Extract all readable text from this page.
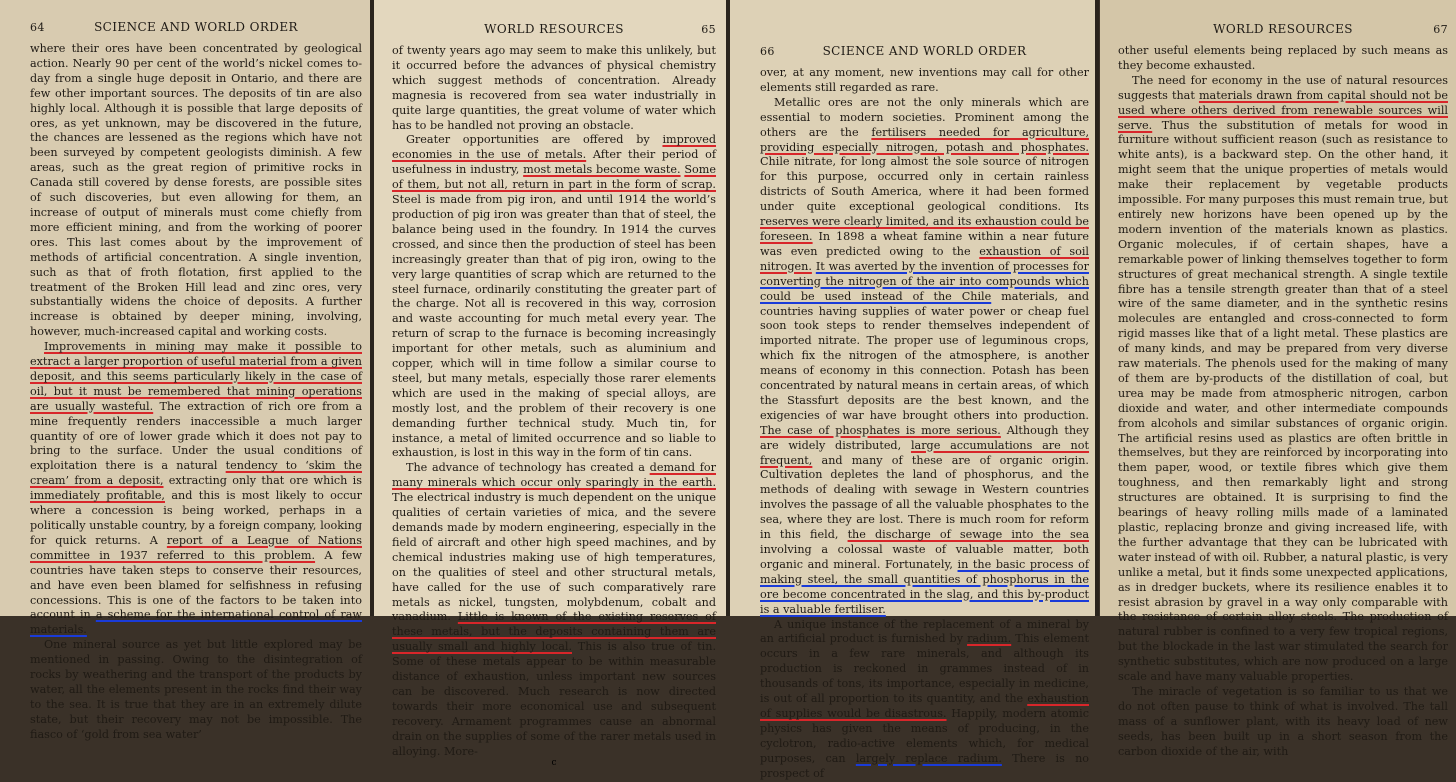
64	SCIENCE AND WORLD ORDER

where their ores have been concentrated by geological action. Nearly 90 per cent of the world’s nickel comes to-day from a single huge deposit in Ontario, and there are few other important sources. The deposits of tin are also highly local. Although it is possible that large deposits of ores, as yet unknown, may be discovered in the future, the chances are lessened as the regions which have not been surveyed by competent geologists diminish. A few areas, such as the great region of primitive rocks in Canada still covered by dense forests, are possible sites of such discoveries, but even allowing for them, an increase of output of minerals must come chiefly from more efficient mining, and from the working of poorer ores. This last comes about by the improvement of methods of artificial concentration. A single invention, such as that of froth flotation, first applied to the treatment of the Broken Hill lead and zinc ores, very substantially widens the choice of deposits. A further increase is obtained by deeper mining, involving, however, much-increased capital and working costs.

Improvements in mining may make it possible to extract a larger proportion of useful material from a given deposit, and this seems particularly likely in the case of oil, but it must be remembered that mining operations are usually wasteful. The extraction of rich ore from a mine frequently renders inaccessible a much larger quantity of ore of lower grade which it does not pay to bring to the surface. Under the usual conditions of exploitation there is a natural tendency to ‘skim the cream’ from a deposit, extracting only that ore which is immediately profitable, and this is most likely to occur where a concession is being worked, perhaps in a politically unstable country, by a foreign company, looking for quick returns. A report of a League of Nations committee in 1937 referred to this problem. A few countries have taken steps to conserve their resources, and have even been blamed for selfishness in refusing concessions. This is one of the factors to be taken into account in a scheme for the international control of raw materials.

One mineral source as yet but little explored may be mentioned in passing. Owing to the disintegration of rocks by weathering and the transport of the products by water, all the elements present in the rocks find their way to the sea. It is true that they are in an extremely dilute state, but their recovery may not be impossible. The fiasco of ‘gold from sea water’

WORLD RESOURCES	65

of twenty years ago may seem to make this unlikely, but it occurred before the advances of physical chemistry which suggest methods of concentration. Already magnesia is recovered from sea water industrially in quite large quantities, the great volume of water which has to be handled not proving an obstacle.

Greater opportunities are offered by improved economies in the use of metals. After their period of usefulness in industry, most metals become waste. Some of them, but not all, return in part in the form of scrap. Steel is made from pig iron, and until 1914 the world’s production of pig iron was greater than that of steel, the balance being used in the foundry. In 1914 the curves crossed, and since then the production of steel has been increasingly greater than that of pig iron, owing to the very large quantities of scrap which are returned to the steel furnace, ordinarily constituting the greater part of the charge. Not all is recovered in this way, corrosion and waste accounting for much metal every year. The return of scrap to the furnace is becoming increasingly important for other metals, such as aluminium and copper, which will in time follow a similar course to steel, but many metals, especially those rarer elements which are used in the making of special alloys, are mostly lost, and the problem of their recovery is one demanding further technical study. Much tin, for instance, a metal of limited occurrence and so liable to exhaustion, is lost in this way in the form of tin cans.

The advance of technology has created a demand for many minerals which occur only sparingly in the earth. The electrical industry is much dependent on the unique qualities of certain varieties of mica, and the severe demands made by modern engineering, especially in the field of aircraft and other high speed machines, and by chemical industries making use of high temperatures, on the qualities of steel and other structural metals, have called for the use of such comparatively rare metals as nickel, tungsten, molybdenum, cobalt and vanadium. Little is known of the existing reserves of these metals, but the deposits containing them are usually small and highly local. This is also true of tin. Some of these metals appear to be within measurable distance of exhaustion, unless important new sources can be discovered. Much research is now directed towards their more economical use and subsequent recovery. Armament programmes cause an abnormal drain on the supplies of some of the rarer metals used in alloying. More-

c
66	SCIENCE AND WORLD ORDER

over, at any moment, new inventions may call for other elements still regarded as rare.

Metallic ores are not the only minerals which are essential to modern societies. Prominent among the others are the fertilisers needed for agriculture, providing especially nitrogen, potash and phosphates. Chile nitrate, for long almost the sole source of nitrogen for this purpose, occurred only in certain rainless districts of South America, where it had been formed under quite exceptional geological conditions. Its reserves were clearly limited, and its exhaustion could be foreseen. In 1898 a wheat famine within a near future was even predicted owing to the exhaustion of soil nitrogen. It was averted by the invention of processes for converting the nitrogen of the air into compounds which could be used instead of the Chile materials, and countries having supplies of water power or cheap fuel soon took steps to render themselves independent of imported nitrate. The proper use of leguminous crops, which fix the nitrogen of the atmosphere, is another means of economy in this connection. Potash has been concentrated by natural means in certain areas, of which the Stassfurt deposits are the best known, and the exigencies of war have brought others into production. The case of phosphates is more serious. Although they are widely distributed, large accumulations are not frequent, and many of these are of organic origin. Cultivation depletes the land of phosphorus, and the methods of dealing with sewage in Western countries involves the passage of all the valuable phosphates to the sea, where they are lost. There is much room for reform in this field, the discharge of sewage into the sea involving a colossal waste of valuable matter, both organic and mineral. Fortunately, in the basic process of making steel, the small quantities of phosphorus in the ore become concentrated in the slag, and this by-product is a valuable fertiliser.

A unique instance of the replacement of a mineral by an artificial product is furnished by radium. This element occurs in a few rare minerals, and although its production is reckoned in grammes instead of in thousands of tons, its importance, especially in medicine, is out of all proportion to its quantity, and the exhaustion of supplies would be disastrous. Happily, modern atomic physics has given the means of producing, in the cyclotron, radio-active elements which, for medical purposes, can largely replace radium. There is no prospect of

WORLD RESOURCES	67

other useful elements being replaced by such means as they become exhausted.

The need for economy in the use of natural resources suggests that materials drawn from capital should not be used where others derived from renewable sources will serve. Thus the substitution of metals for wood in furniture without sufficient reason (such as resistance to white ants), is a backward step. On the other hand, it might seem that the unique properties of metals would make their replacement by vegetable products impossible. For many purposes this must remain true, but entirely new horizons have been opened up by the modern invention of the materials known as plastics. Organic molecules, if of certain shapes, have a remarkable power of linking themselves together to form structures of great mechanical strength. A single textile fibre has a tensile strength greater than that of a steel wire of the same diameter, and in the synthetic resins molecules are entangled and cross-connected to form rigid masses like that of a light metal. These plastics are of many kinds, and may be prepared from very diverse raw materials. The phenols used for the making of many of them are by-products of the distillation of coal, but urea may be made from atmospheric nitrogen, carbon dioxide and water, and other intermediate compounds from alcohols and similar substances of organic origin. The artificial resins used as plastics are often brittle in themselves, but they are reinforced by incorporating into them paper, wood, or textile fibres which give them toughness, and then remarkably light and strong structures are obtained. It is surprising to find the bearings of heavy rolling mills made of a laminated plastic, replacing bronze and giving increased life, with the further advantage that they can be lubricated with water instead of with oil. Rubber, a natural plastic, is very unlike a metal, but it finds some unexpected applications, as in dredger buckets, where its resilience enables it to resist abrasion by gravel in a way only comparable with the resistance of certain alloy steels. The production of natural rubber is confined to a very few tropical regions, but the blockade in the last war stimulated the search for synthetic substitutes, which are now produced on a large scale and have many valuable properties.

The miracle of vegetation is so familiar to us that we do not often pause to think of what is involved. The tall mass of a sunflower plant, with its heavy load of new seeds, has been built up in a short season from the carbon dioxide of the air, with
